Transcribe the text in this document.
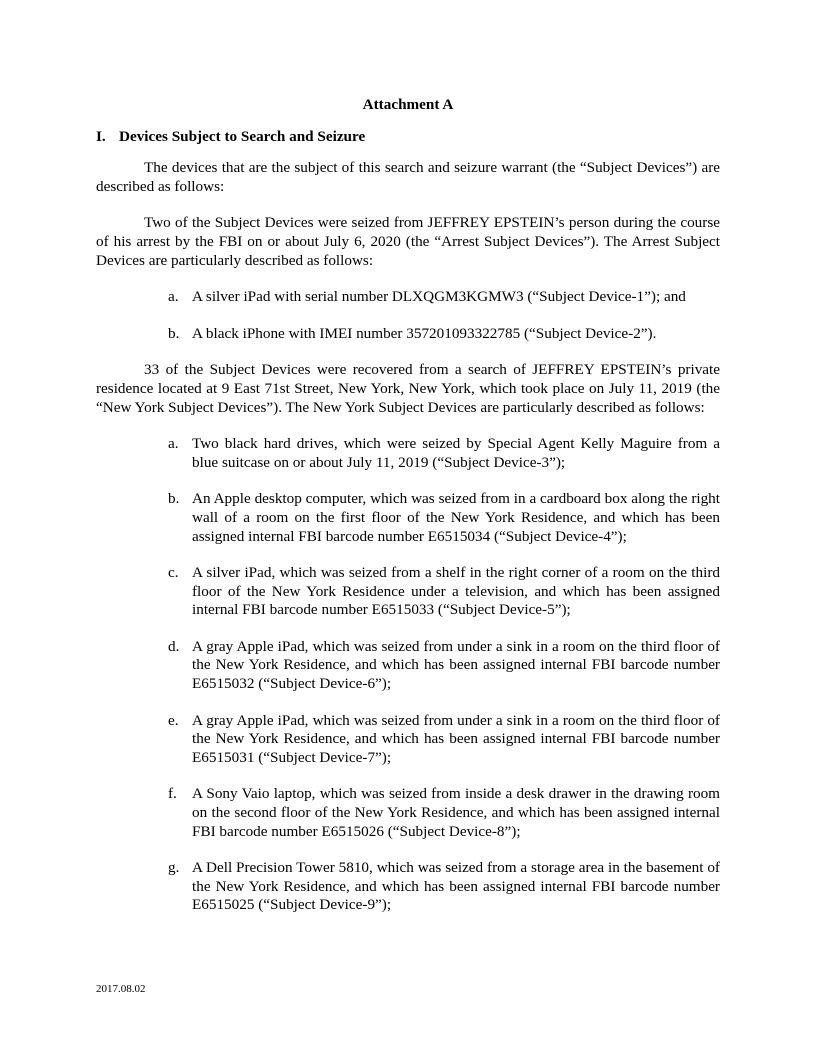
Attachment A
I. Devices Subject to Search and Seizure

The devices that are the subject of this search and seizure warrant (the “Subject Devices”) are described as follows:

Two of the Subject Devices were seized from JEFFREY EPSTEIN’s person during the course of his arrest by the FBI on or about July 6, 2020 (the “Arrest Subject Devices”). The Arrest Subject Devices are particularly described as follows:

a. A silver iPad with serial number DLXQGM3KGMW3 (“Subject Device-1”); and
b. A black iPhone with IMEI number 357201093322785 (“Subject Device-2”).

33 of the Subject Devices were recovered from a search of JEFFREY EPSTEIN’s private residence located at 9 East 71st Street, New York, New York, which took place on July 11, 2019 (the “New York Subject Devices”). The New York Subject Devices are particularly described as follows:

a. Two black hard drives, which were seized by Special Agent Kelly Maguire from a blue suitcase on or about July 11, 2019 (“Subject Device-3”);
b. An Apple desktop computer, which was seized from in a cardboard box along the right wall of a room on the first floor of the New York Residence, and which has been assigned internal FBI barcode number E6515034 (“Subject Device-4”);
c. A silver iPad, which was seized from a shelf in the right corner of a room on the third floor of the New York Residence under a television, and which has been assigned internal FBI barcode number E6515033 (“Subject Device-5”);
d. A gray Apple iPad, which was seized from under a sink in a room on the third floor of the New York Residence, and which has been assigned internal FBI barcode number E6515032 (“Subject Device-6”);
e. A gray Apple iPad, which was seized from under a sink in a room on the third floor of the New York Residence, and which has been assigned internal FBI barcode number E6515031 (“Subject Device-7”);
f. A Sony Vaio laptop, which was seized from inside a desk drawer in the drawing room on the second floor of the New York Residence, and which has been assigned internal FBI barcode number E6515026 (“Subject Device-8”);
g. A Dell Precision Tower 5810, which was seized from a storage area in the basement of the New York Residence, and which has been assigned internal FBI barcode number E6515025 (“Subject Device-9”);
2017.08.02
